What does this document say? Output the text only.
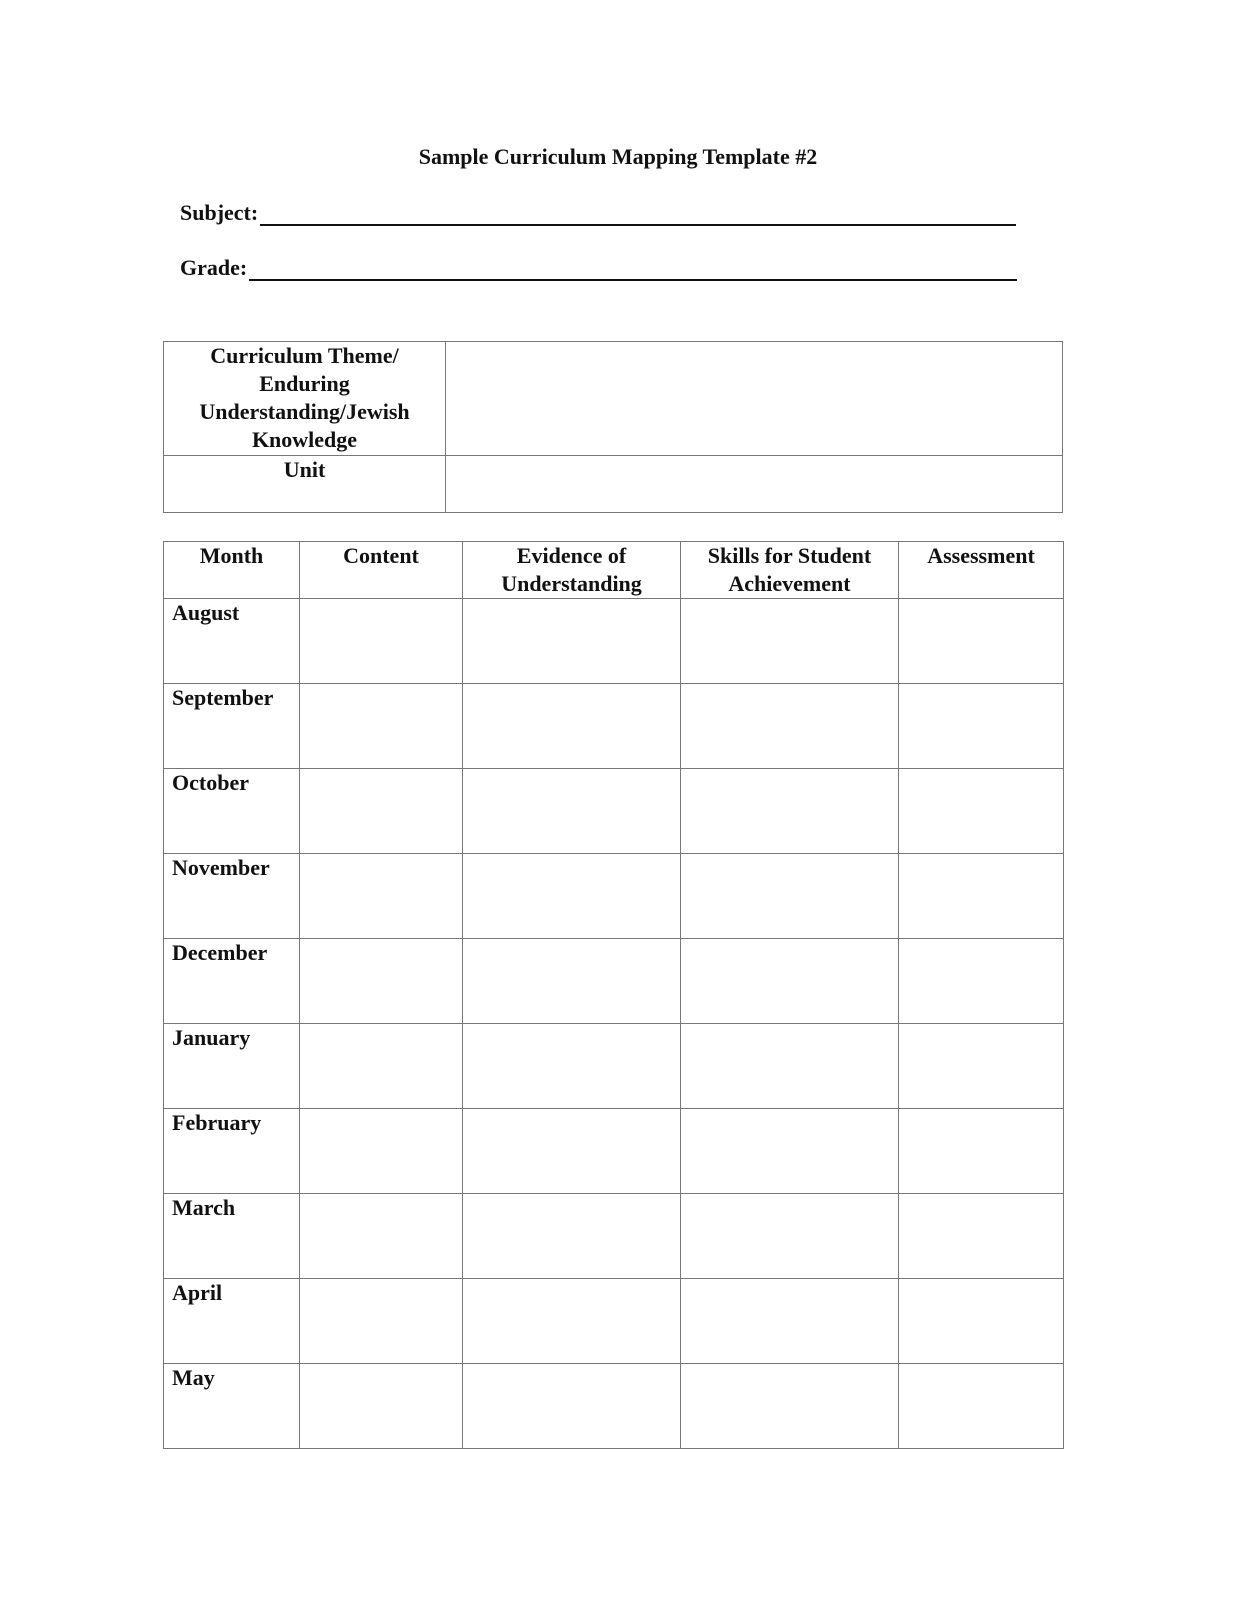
Sample Curriculum Mapping Template #2
Subject:
Grade:
Curriculum Theme/ Enduring Understanding/Jewish Knowledge	
Unit	
Month	Content	Evidence of Understanding	Skills for Student Achievement	Assessment
August				
September				
October				
November				
December				
January				
February				
March				
April				
May				
